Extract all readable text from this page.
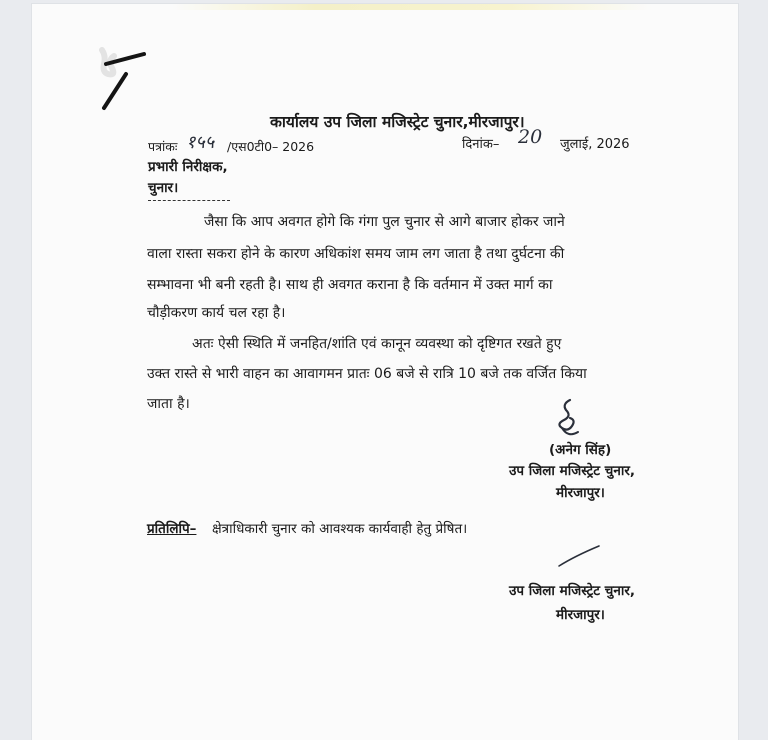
कार्यालय उप जिला मजिस्ट्रेट चुनार,मीरजापुर।
पत्रांकः १५५ /एस0टी0– 2026	दिनांक– 20 जुलाई, 2026
प्रभारी निरीक्षक,
चुनार।
जैसा कि आप अवगत होगे कि गंगा पुल चुनार से आगे बाजार होकर जाने
वाला रास्ता सकरा होने के कारण अधिकांश समय जाम लग जाता है तथा दुर्घटना की
सम्भावना भी बनी रहती है। साथ ही अवगत कराना है कि वर्तमान में उक्त मार्ग का
चौड़ीकरण कार्य चल रहा है।
अतः ऐसी स्थिति में जनहित/शांति एवं कानून व्यवस्था को दृष्टिगत रखते हुए
उक्त रास्ते से भारी वाहन का आवागमन प्रातः 06 बजे से रात्रि 10 बजे तक वर्जित किया
जाता है।
(अनेग सिंह)
उप जिला मजिस्ट्रेट चुनार,
मीरजापुर।
प्रतिलिपि– क्षेत्राधिकारी चुनार को आवश्यक कार्यवाही हेतु प्रेषित।
उप जिला मजिस्ट्रेट चुनार,
मीरजापुर।
